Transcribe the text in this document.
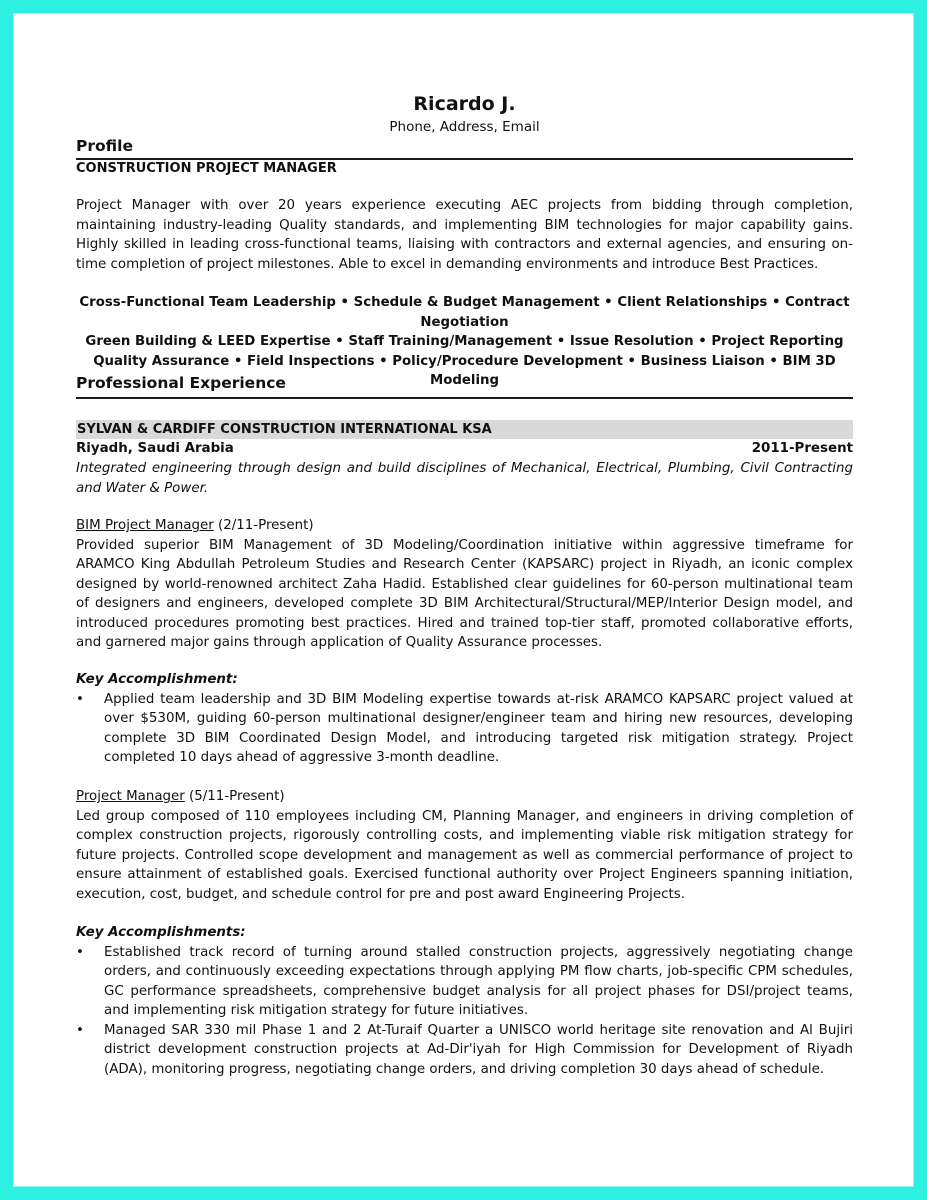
Ricardo J.

Phone, Address, Email

Profile

CONSTRUCTION PROJECT MANAGER

Project Manager with over 20 years experience executing AEC projects from bidding through completion, maintaining industry-leading Quality standards, and implementing BIM technologies for major capability gains. Highly skilled in leading cross-functional teams, liaising with contractors and external agencies, and ensuring on-time completion of project milestones. Able to excel in demanding environments and introduce Best Practices.

Cross-Functional Team Leadership • Schedule & Budget Management • Client Relationships • Contract Negotiation

Green Building & LEED Expertise • Staff Training/Management • Issue Resolution • Project Reporting

Quality Assurance • Field Inspections • Policy/Procedure Development • Business Liaison • BIM 3D Modeling

Professional Experience

SYLVAN & CARDIFF CONSTRUCTION INTERNATIONAL KSA
Riyadh, Saudi Arabia	2011-Present

Integrated engineering through design and build disciplines of Mechanical, Electrical, Plumbing, Civil Contracting and Water & Power.

BIM Project Manager (2/11-Present)

Provided superior BIM Management of 3D Modeling/Coordination initiative within aggressive timeframe for ARAMCO King Abdullah Petroleum Studies and Research Center (KAPSARC) project in Riyadh, an iconic complex designed by world-renowned architect Zaha Hadid. Established clear guidelines for 60-person multinational team of designers and engineers, developed complete 3D BIM Architectural/Structural/MEP/Interior Design model, and introduced procedures promoting best practices. Hired and trained top-tier staff, promoted collaborative efforts, and garnered major gains through application of Quality Assurance processes.

Key Accomplishment:

• Applied team leadership and 3D BIM Modeling expertise towards at-risk ARAMCO KAPSARC project valued at over $530M, guiding 60-person multinational designer/engineer team and hiring new resources, developing complete 3D BIM Coordinated Design Model, and introducing targeted risk mitigation strategy. Project completed 10 days ahead of aggressive 3-month deadline.

Project Manager (5/11-Present)

Led group composed of 110 employees including CM, Planning Manager, and engineers in driving completion of complex construction projects, rigorously controlling costs, and implementing viable risk mitigation strategy for future projects. Controlled scope development and management as well as commercial performance of project to ensure attainment of established goals. Exercised functional authority over Project Engineers spanning initiation, execution, cost, budget, and schedule control for pre and post award Engineering Projects.

Key Accomplishments:

• Established track record of turning around stalled construction projects, aggressively negotiating change orders, and continuously exceeding expectations through applying PM flow charts, job-specific CPM schedules, GC performance spreadsheets, comprehensive budget analysis for all project phases for DSI/project teams, and implementing risk mitigation strategy for future initiatives.
• Managed SAR 330 mil Phase 1 and 2 At-Turaif Quarter a UNISCO world heritage site renovation and Al Bujiri district development construction projects at Ad-Dir'iyah for High Commission for Development of Riyadh (ADA), monitoring progress, negotiating change orders, and driving completion 30 days ahead of schedule.
